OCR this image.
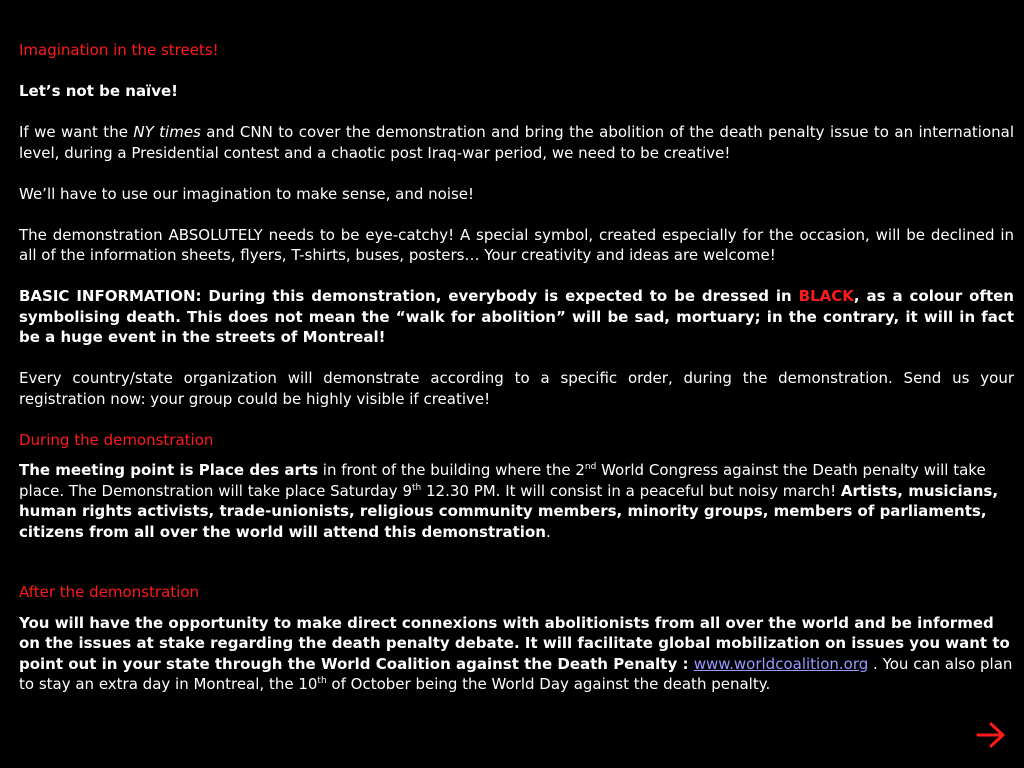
Imagination in the streets!

Let’s not be naïve!

If we want the NY times and CNN to cover the demonstration and bring the abolition of the death penalty issue to an international level, during a Presidential contest and a chaotic post Iraq-war period, we need to be creative!

We’ll have to use our imagination to make sense, and noise!

The demonstration ABSOLUTELY needs to be eye-catchy! A special symbol, created especially for the occasion, will be declined in all of the information sheets, flyers, T-shirts, buses, posters… Your creativity and ideas are welcome!

BASIC INFORMATION: During this demonstration, everybody is expected to be dressed in BLACK, as a colour often symbolising death. This does not mean the “walk for abolition” will be sad, mortuary; in the contrary, it will in fact be a huge event in the streets of Montreal!

Every country/state organization will demonstrate according to a specific order, during the demonstration. Send us your registration now: your group could be highly visible if creative!

During the demonstration

The meeting point is Place des arts in front of the building where the 2nd World Congress against the Death penalty will take place. The Demonstration will take place Saturday 9th 12.30 PM. It will consist in a peaceful but noisy march! Artists, musicians, human rights activists, trade-unionists, religious community members, minority groups, members of parliaments, citizens from all over the world will attend this demonstration.

After the demonstration

You will have the opportunity to make direct connexions with abolitionists from all over the world and be informed on the issues at stake regarding the death penalty debate. It will facilitate global mobilization on issues you want to point out in your state through the World Coalition against the Death Penalty : www.worldcoalition.org . You can also plan to stay an extra day in Montreal, the 10th of October being the World Day against the death penalty.
